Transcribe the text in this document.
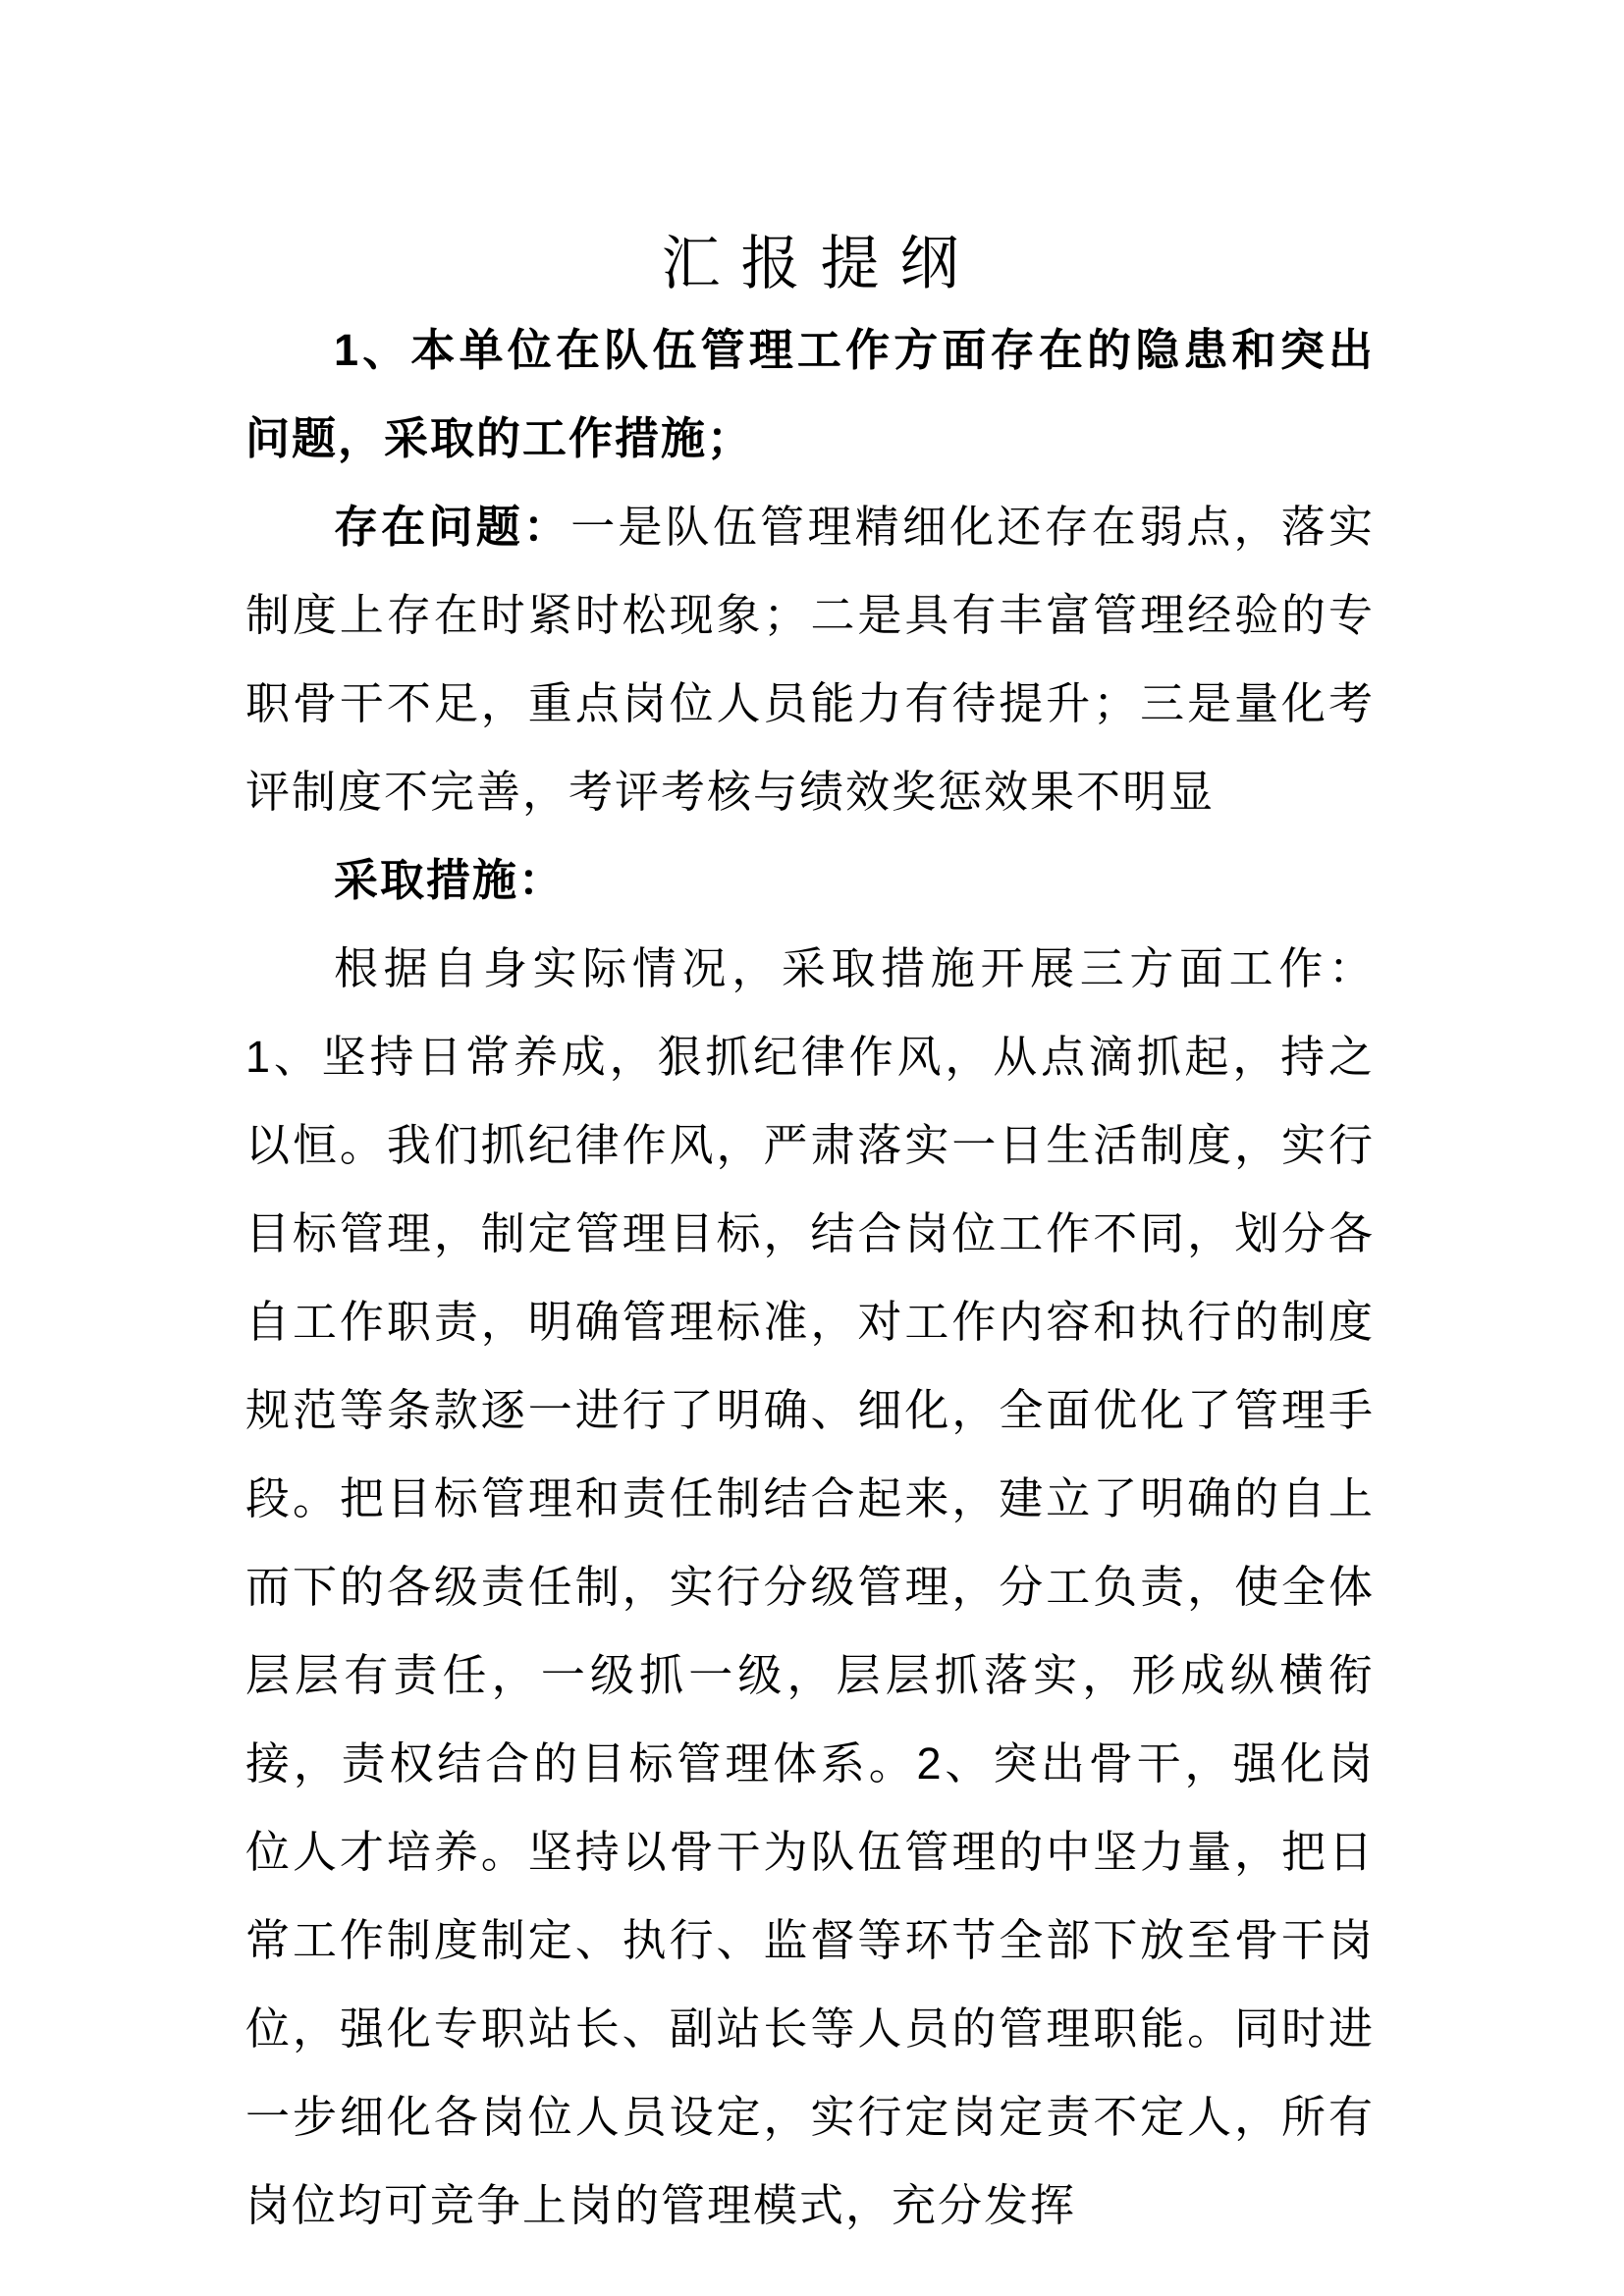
汇报提纲

1、本单位在队伍管理工作方面存在的隐患和突出问题，采取的工作措施；

存在问题：一是队伍管理精细化还存在弱点，落实制度上存在时紧时松现象；二是具有丰富管理经验的专职骨干不足，重点岗位人员能力有待提升；三是量化考评制度不完善，考评考核与绩效奖惩效果不明显

采取措施：

根据自身实际情况，采取措施开展三方面工作：1、坚持日常养成，狠抓纪律作风，从点滴抓起，持之以恒。我们抓纪律作风，严肃落实一日生活制度，实行目标管理，制定管理目标，结合岗位工作不同，划分各自工作职责，明确管理标准，对工作内容和执行的制度规范等条款逐一进行了明确、细化，全面优化了管理手段。把目标管理和责任制结合起来，建立了明确的自上而下的各级责任制，实行分级管理，分工负责，使全体层层有责任，一级抓一级，层层抓落实，形成纵横衔接，责权结合的目标管理体系。2、突出骨干，强化岗位人才培养。坚持以骨干为队伍管理的中坚力量，把日常工作制度制定、执行、监督等环节全部下放至骨干岗位，强化专职站长、副站长等人员的管理职能。同时进一步细化各岗位人员设定，实行定岗定责不定人，所有岗位均可竞争上岗的管理模式，充分发挥
